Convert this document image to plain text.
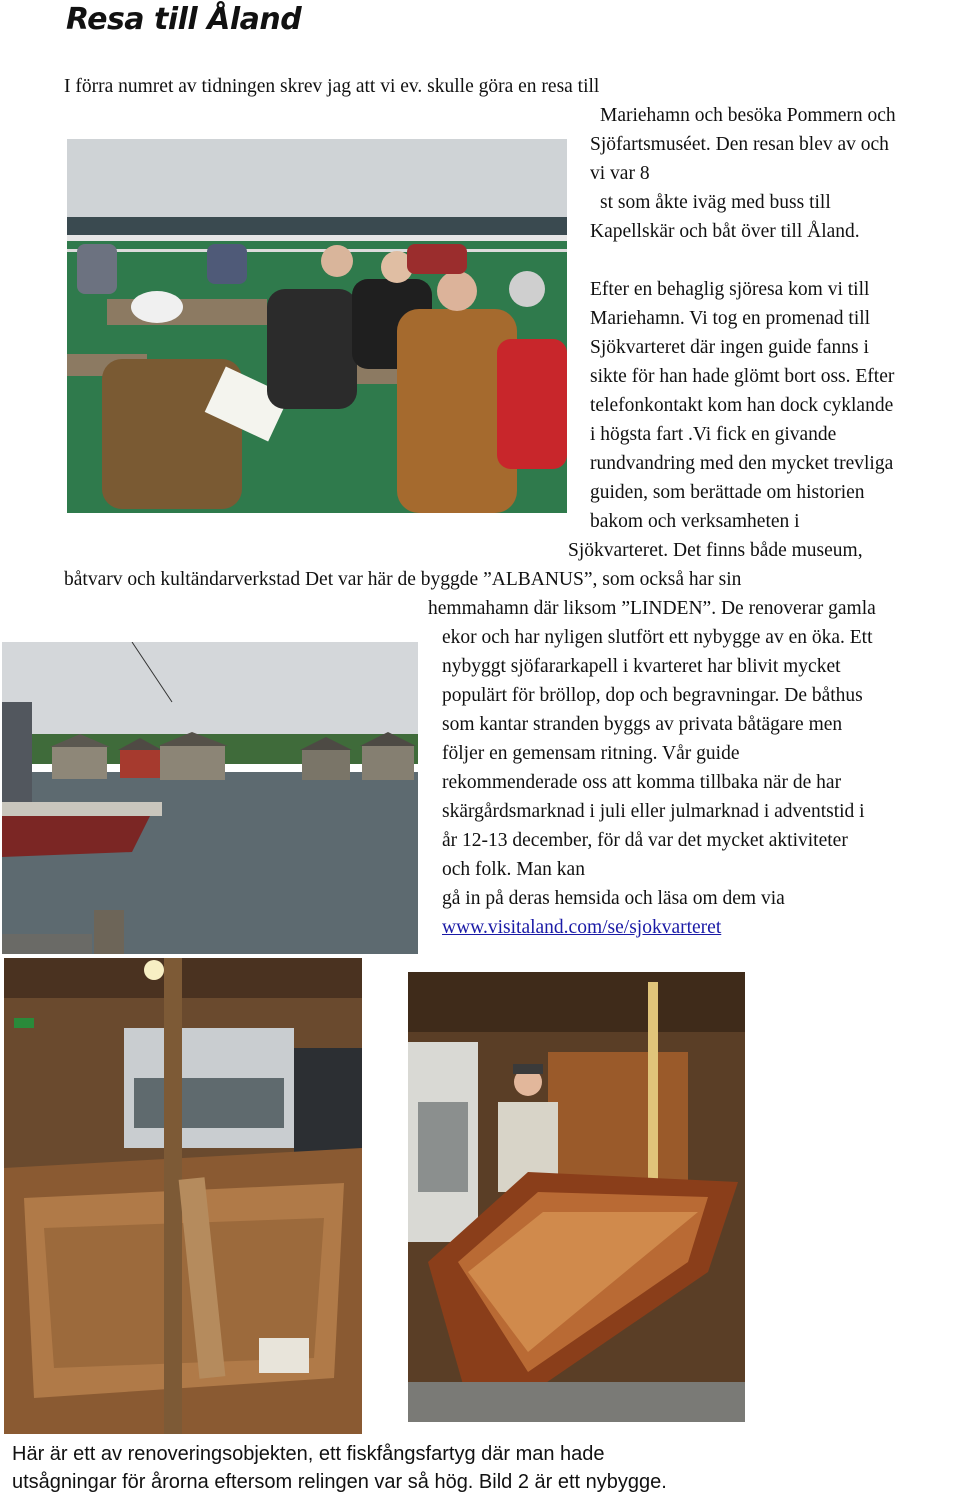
Resa till Åland
I förra numret av tidningen skrev jag att vi ev. skulle göra en resa till
Mariehamn och besöka Pommern och
Sjöfartsmuséet. Den resan blev av och
vi var 8
st som åkte iväg med buss till
Kapellskär och båt över till Åland.
Efter en behaglig sjöresa kom vi till
Mariehamn. Vi tog en promenad till
Sjökvarteret där ingen guide fanns i
sikte för han hade glömt bort oss. Efter
telefonkontakt kom han dock cyklande
i högsta fart .Vi fick en givande
rundvandring med den mycket trevliga
guiden, som berättade om historien
bakom och verksamheten i
Sjökvarteret. Det finns både museum,
båtvarv och kultändarverkstad Det var här de byggde ”ALBANUS”, som också har sin
hemmahamn där liksom ”LINDEN”. De renoverar gamla
ekor och har nyligen slutfört ett nybygge av en öka. Ett
nybyggt sjöfararkapell i kvarteret har blivit mycket
populärt för bröllop, dop och begravningar. De båthus
som kantar stranden byggs av privata båtägare men
följer en gemensam ritning. Vår guide
rekommenderade oss att komma tillbaka när de har
skärgårdsmarknad i juli eller julmarknad i adventstid i
år 12-13 december, för då var det mycket aktiviteter
och folk. Man kan
gå in på deras hemsida och läsa om dem via
www.visitaland.com/se/sjokvarteret
Här är ett av renoveringsobjekten, ett fiskfångsfartyg där man hade
utsågningar för årorna eftersom relingen var så hög. Bild 2 är ett nybygge.
